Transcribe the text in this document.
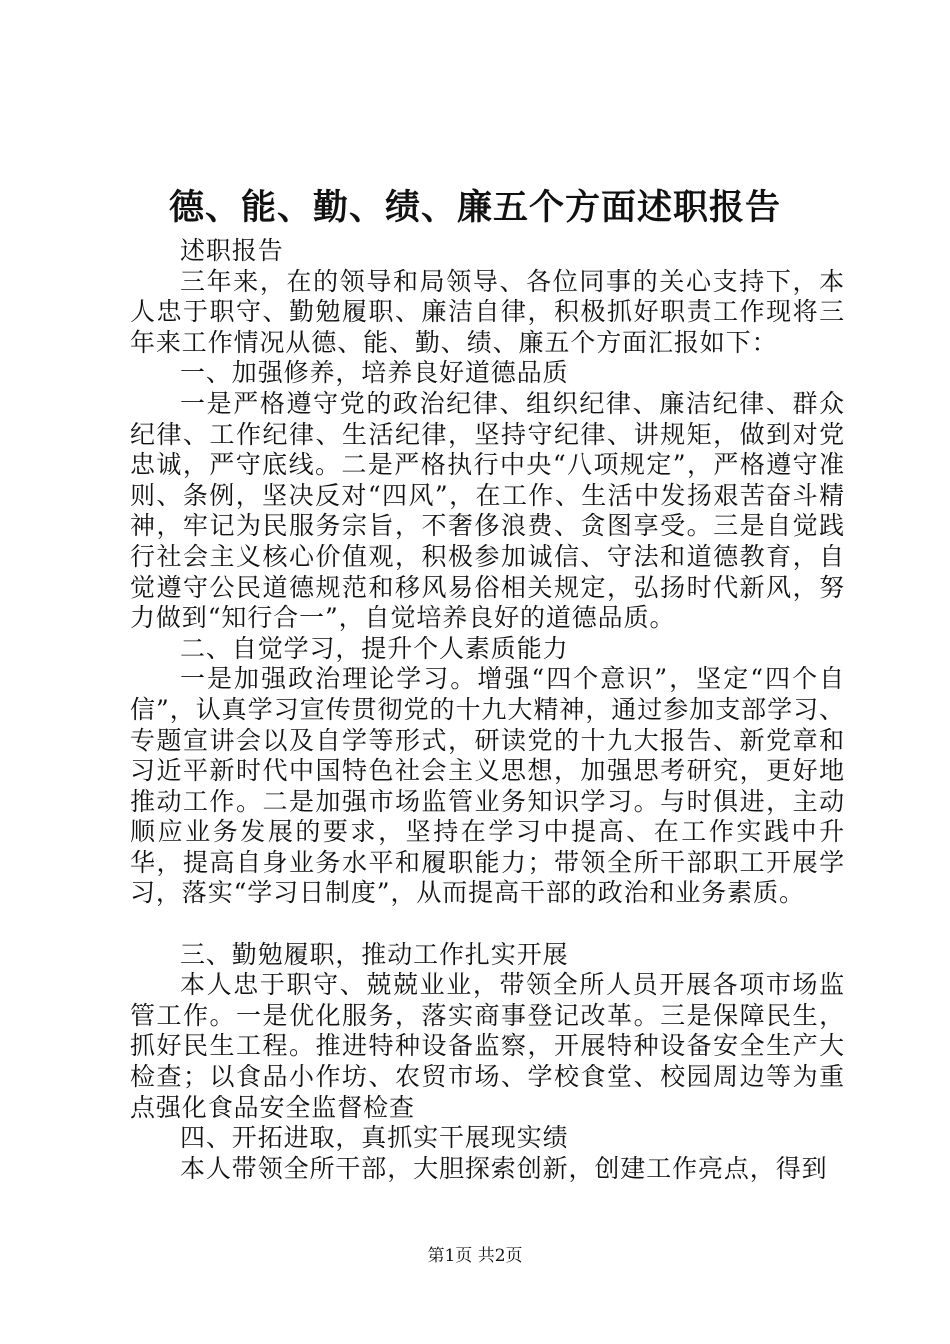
德、能、勤、绩、廉五个方面述职报告

述职报告

三年来，在的领导和局领导、各位同事的关心支持下，本人忠于职守、勤勉履职、廉洁自律，积极抓好职责工作现将三年来工作情况从德、能、勤、绩、廉五个方面汇报如下：

一、加强修养，培养良好道德品质

一是严格遵守党的政治纪律、组织纪律、廉洁纪律、群众纪律、工作纪律、生活纪律，坚持守纪律、讲规矩，做到对党忠诚，严守底线。二是严格执行中央“八项规定”，严格遵守准则、条例，坚决反对“四风”，在工作、生活中发扬艰苦奋斗精神，牢记为民服务宗旨，不奢侈浪费、贪图享受。三是自觉践行社会主义核心价值观，积极参加诚信、守法和道德教育，自觉遵守公民道德规范和移风易俗相关规定，弘扬时代新风，努力做到“知行合一”，自觉培养良好的道德品质。

二、自觉学习，提升个人素质能力

一是加强政治理论学习。增强“四个意识”，坚定“四个自信”，认真学习宣传贯彻党的十九大精神，通过参加支部学习、专题宣讲会以及自学等形式，研读党的十九大报告、新党章和习近平新时代中国特色社会主义思想，加强思考研究，更好地推动工作。二是加强市场监管业务知识学习。与时俱进，主动顺应业务发展的要求，坚持在学习中提高、在工作实践中升华，提高自身业务水平和履职能力；带领全所干部职工开展学习，落实“学习日制度”，从而提高干部的政治和业务素质。

三、勤勉履职，推动工作扎实开展

本人忠于职守、兢兢业业，带领全所人员开展各项市场监管工作。一是优化服务，落实商事登记改革。三是保障民生，抓好民生工程。推进特种设备监察，开展特种设备安全生产大检查；以食品小作坊、农贸市场、学校食堂、校园周边等为重点强化食品安全监督检查

四、开拓进取，真抓实干展现实绩

本人带领全所干部，大胆探索创新，创建工作亮点，得到

第1页 共2页
